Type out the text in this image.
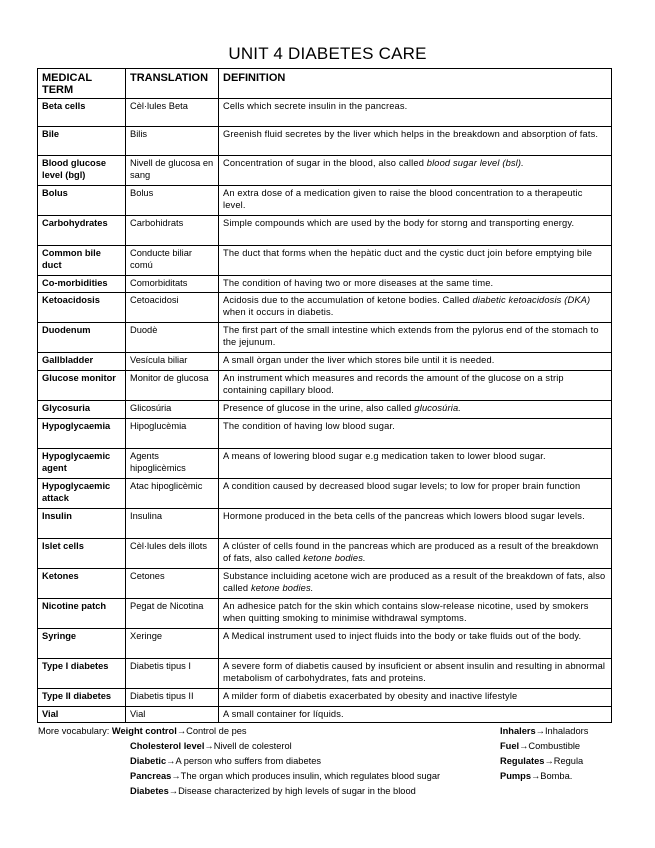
UNIT 4 DIABETES CARE
MEDICAL TERM	TRANSLATION	DEFINITION
Beta cells	Cèl·lules Beta	Cells which secrete insulin in the pancreas.
Bile	Bilis	Greenish fluid secretes by the liver which helps in the breakdown and absorption of fats.
Blood glucose level (bgl)	Nivell de glucosa en sang	Concentration of sugar in the blood, also called blood sugar level (bsl).
Bolus	Bolus	An extra dose of a medication given to raise the blood concentration to a therapeutic level.
Carbohydrates	Carbohidrats	Simple compounds which are used by the body for storng and transporting energy.
Common bile duct	Conducte biliar comú	The duct that forms when the hepàtic duct and the cystic duct join before emptying bile
Co-morbidities	Comorbiditats	The condition of having two or more diseases at the same time.
Ketoacidosis	Cetoacidosi	Acidosis due to the accumulation of ketone bodies. Called diabetic ketoacidosis (DKA) when it occurs in diabetis.
Duodenum	Duodè	The first part of the small intestine which extends from the pylorus end of the stomach to the jejunum.
Gallbladder	Vesícula biliar	A small òrgan under the liver which stores bile until it is needed.
Glucose monitor	Monitor de glucosa	An instrument which measures and records the amount of the glucose on a strip containing capillary blood.
Glycosuria	Glicosúria	Presence of glucose in the urine, also called glucosúria.
Hypoglycaemia	Hipoglucèmia	The condition of having low blood sugar.
Hypoglycaemic agent	Agents hipoglicèmics	A means of lowering blood sugar e.g medication taken to lower blood sugar.
Hypoglycaemic attack	Atac hipoglicèmic	A condition caused by decreased blood sugar levels; to low for proper brain function
Insulin	Insulina	Hormone produced in the beta cells of the pancreas which lowers blood sugar levels.
Islet cells	Cèl·lules dels illots	A clúster of cells found in the pancreas which are produced as a result of the breakdown of fats, also called ketone bodies.
Ketones	Cetones	Substance incluiding acetone wich are produced as a result of the breakdown of fats, also called ketone bodies.
Nicotine patch	Pegat de Nicotina	An adhesice patch for the skin which contains slow-release nicotine, used by smokers when quitting smoking to minimise withdrawal symptoms.
Syringe	Xeringe	A Medical instrument used to inject fluids into the body or take fluids out of the body.
Type I diabetes	Diabetis tipus I	A severe form of diabetis caused by insuficient or absent insulin and resulting in abnormal metabolism of carbohydrates, fats and proteins.
Type II diabetes	Diabetis tipus II	A milder form of diabetis exacerbated by obesity and inactive lifestyle
Vial	Vial	A small container for líquids.
More vocabulary: Weight control→Control de pes
Cholesterol level→Nivell de colesterol
Diabetic→A person who suffers from diabetes
Pancreas→The organ which produces insulin, which regulates blood sugar
Diabetes→Disease characterized by high levels of sugar in the blood
Inhalers→Inhaladors
Fuel→Combustible
Regulates→Regula
Pumps→Bomba.
